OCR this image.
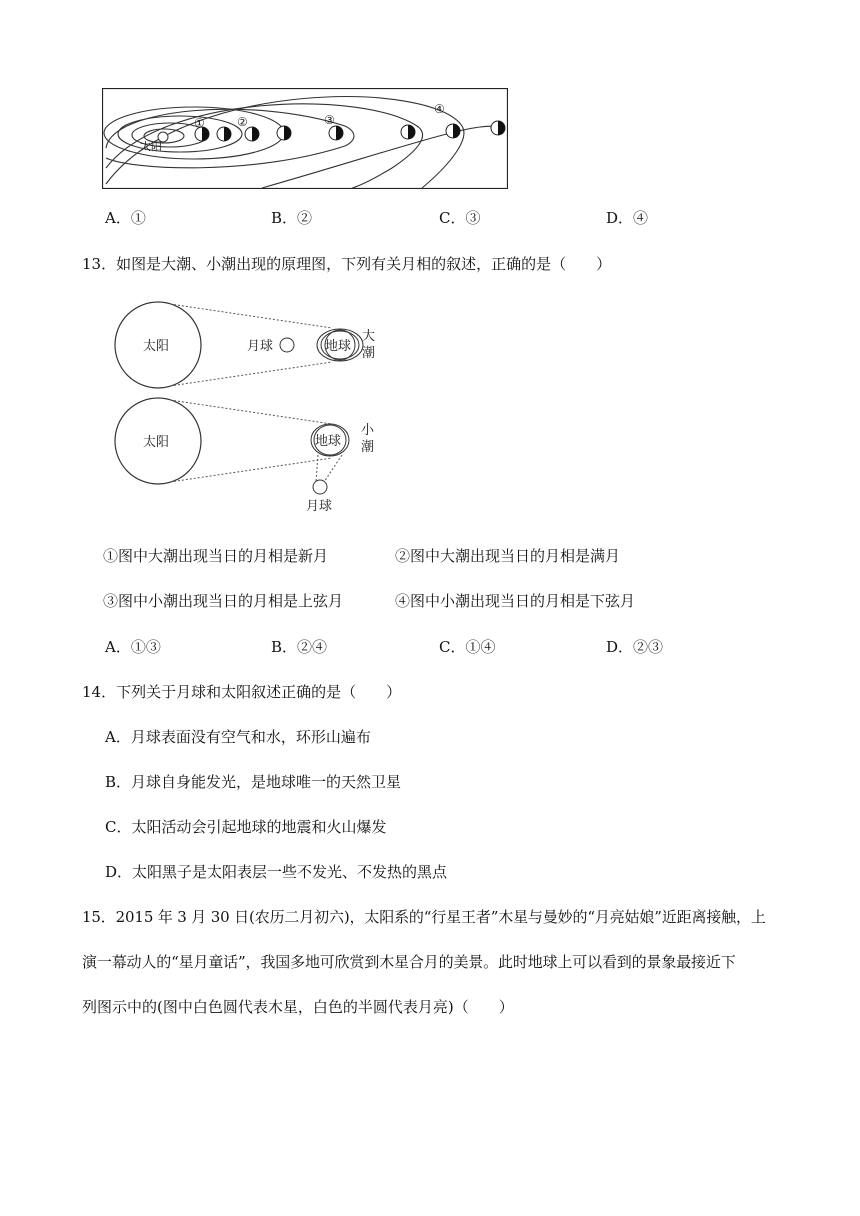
太阳
①	②	③
④
A．①	B．②	C．③	D．④
13．如图是大潮、小潮出现的原理图，下列有关月相的叙述，正确的是（　　）
太阳	月球	地球
大
潮
太阳	地球
小
潮
月球
①图中大潮出现当日的月相是新月	②图中大潮出现当日的月相是满月
③图中小潮出现当日的月相是上弦月	④图中小潮出现当日的月相是下弦月
A．①③	B．②④	C．①④	D．②③
14．下列关于月球和太阳叙述正确的是（　　）
A．月球表面没有空气和水，环形山遍布
B．月球自身能发光，是地球唯一的天然卫星
C．太阳活动会引起地球的地震和火山爆发
D．太阳黑子是太阳表层一些不发光、不发热的黑点
15．2015 年 3 月 30 日(农历二月初六)，太阳系的“行星王者”木星与曼妙的“月亮姑娘”近距离接触，上
演一幕动人的“星月童话”，我国多地可欣赏到木星合月的美景。此时地球上可以看到的景象最接近下
列图示中的(图中白色圆代表木星，白色的半圆代表月亮)（　　）
